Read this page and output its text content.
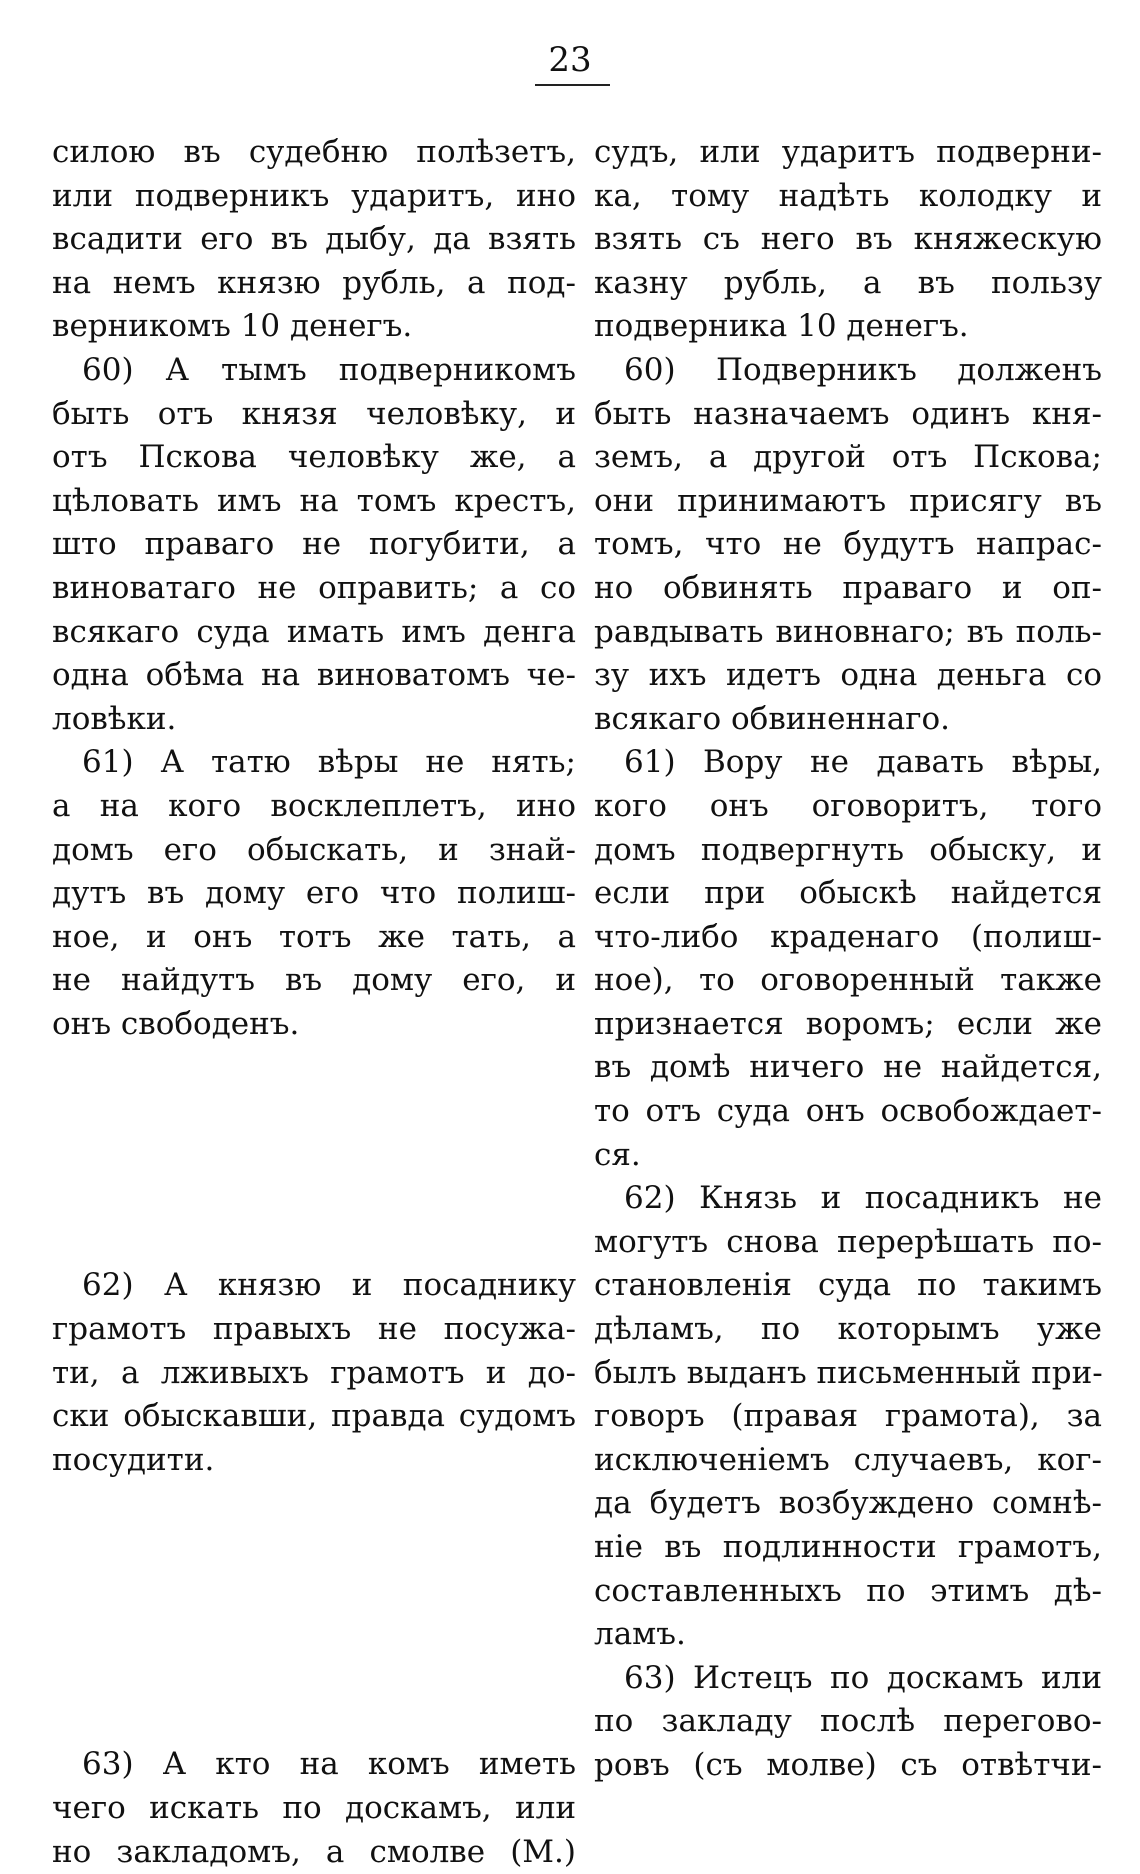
23
силою въ судебню полѣзетъ,
или подверникъ ударитъ, ино
всадити его въ дыбу, да взять
на немъ князю рубль, а под-
верникомъ 10 денегъ.
60) А тымъ подверникомъ
быть отъ князя человѣку, и
отъ Пскова человѣку же, а
цѣловать имъ на томъ крестъ,
што праваго не погубити, а
виноватаго не оправить; а со
всякаго суда имать имъ денга
одна обѣма на виноватомъ че-
ловѣки.
61) А татю вѣры не нять;
а на кого восклеплетъ, ино
домъ его обыскать, и знай-
дутъ въ дому его что полиш-
ное, и онъ тотъ же тать, а
не найдутъ въ дому его, и
онъ свободенъ.
62) А князю и посаднику
грамотъ правыхъ не посужа-
ти, а лживыхъ грамотъ и до-
ски обыскавши, правда судомъ
посудити.
63) А кто на комъ иметь
чего искать по доскамъ, или
но закладомъ, а смолве (М.)
судъ, или ударитъ подверни-
ка, тому надѣть колодку и
взять съ него въ княжескую
казну рубль, а въ пользу
подверника 10 денегъ.
60) Подверникъ долженъ
быть назначаемъ одинъ кня-
земъ, а другой отъ Пскова;
они принимаютъ присягу въ
томъ, что не будутъ напрас-
но обвинять праваго и оп-
равдывать виновнаго; въ поль-
зу ихъ идетъ одна деньга со
всякаго обвиненнаго.
61) Вору не давать вѣры,
кого онъ оговоритъ, того
домъ подвергнуть обыску, и
если при обыскѣ найдется
что-либо краденаго (полиш-
ное), то оговоренный также
признается воромъ; если же
въ домѣ ничего не найдется,
то отъ суда онъ освобождает-
ся.
62) Князь и посадникъ не
могутъ снова перерѣшать по-
становленія суда по такимъ
дѣламъ, по которымъ уже
былъ выданъ письменный при-
говоръ (правая грамота), за
исключеніемъ случаевъ, ког-
да будетъ возбуждено сомнѣ-
ніе въ подлинности грамотъ,
составленныхъ по этимъ дѣ-
ламъ.
63) Истецъ по доскамъ или
по закладу послѣ перегово-
ровъ (съ молве) съ отвѣтчи-
